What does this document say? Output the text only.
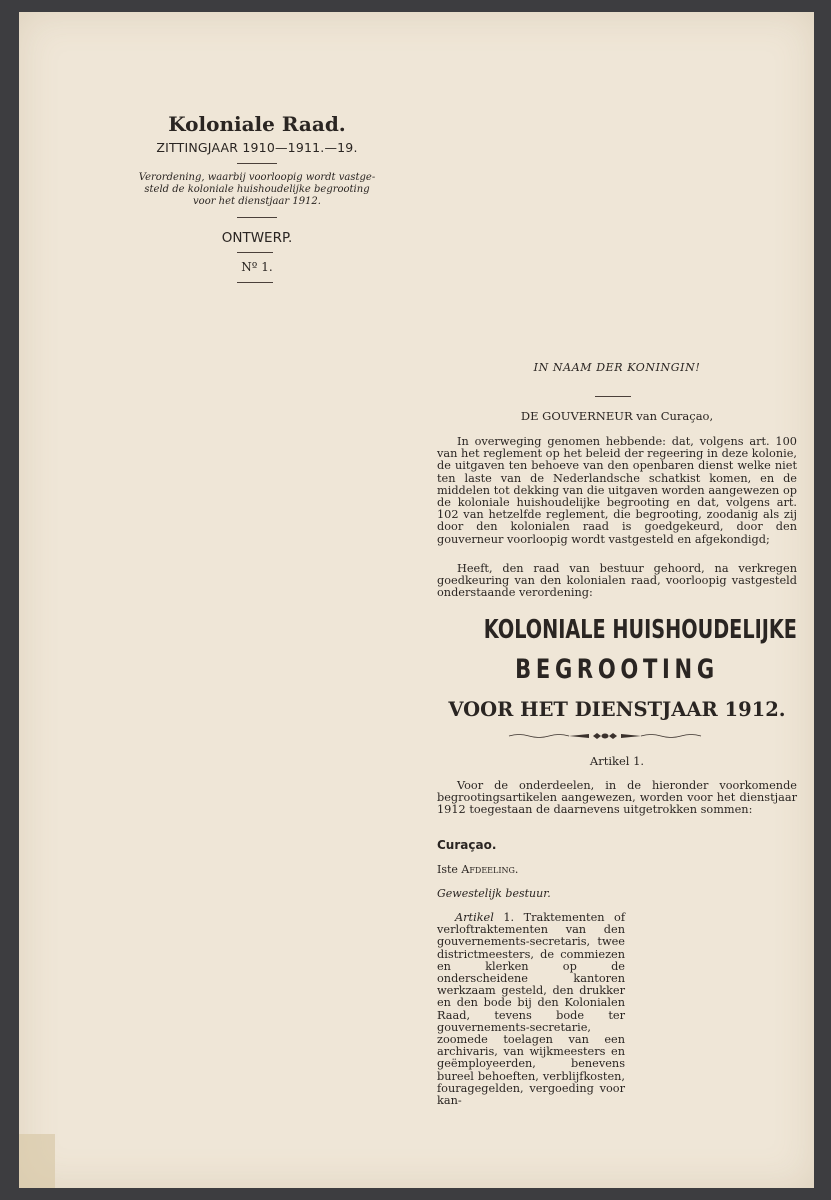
Koloniale Raad.
ZITTINGJAAR 1910—1911.—19.
Verordening, waarbij voorloopig wordt vastge-steld de koloniale huishoudelijke begrooting voor het dienstjaar 1912.
ONTWERP.
Nº 1.
IN NAAM DER KONINGIN!
DE GOUVERNEUR van Curaçao,
In overweging genomen hebbende: dat, volgens art. 100 van het reglement op het beleid der regeering in deze kolonie, de uitgaven ten behoeve van den openbaren dienst welke niet ten laste van de Nederlandsche schatkist komen, en de middelen tot dekking van die uitgaven worden aangewezen op de koloniale huishoudelijke begrooting en dat, volgens art. 102 van hetzelfde reglement, die begrooting, zoodanig als zij door den kolonialen raad is goedgekeurd, door den gouverneur voorloopig wordt vastgesteld en afgekondigd;
Heeft, den raad van bestuur gehoord, na verkregen goedkeuring van den kolonialen raad, voorloopig vastgesteld onderstaande verordening:
KOLONIALE HUISHOUDELIJKE
BEGROOTING
VOOR HET DIENSTJAAR 1912.
Artikel 1.
Voor de onderdeelen, in de hieronder voorkomende begrootingsartikelen aangewezen, worden voor het dienstjaar 1912 toegestaan de daarnevens uitgetrokken sommen:
Curaçao.
Iste Afdeeling.
Gewestelijk bestuur.
Artikel 1. Traktementen of verloftraktementen van den gouvernements-secretaris, twee districtmeesters, de commiezen en klerken op de onderscheidene kantoren werkzaam gesteld, den drukker en den bode bij den Kolonialen Raad, tevens bode ter gouvernements-secretarie, zoomede toelagen van een archivaris, van wijkmeesters en geëmployeerden, benevens bureel behoeften, verblijfkosten, fouragegelden, vergoeding voor kan-
